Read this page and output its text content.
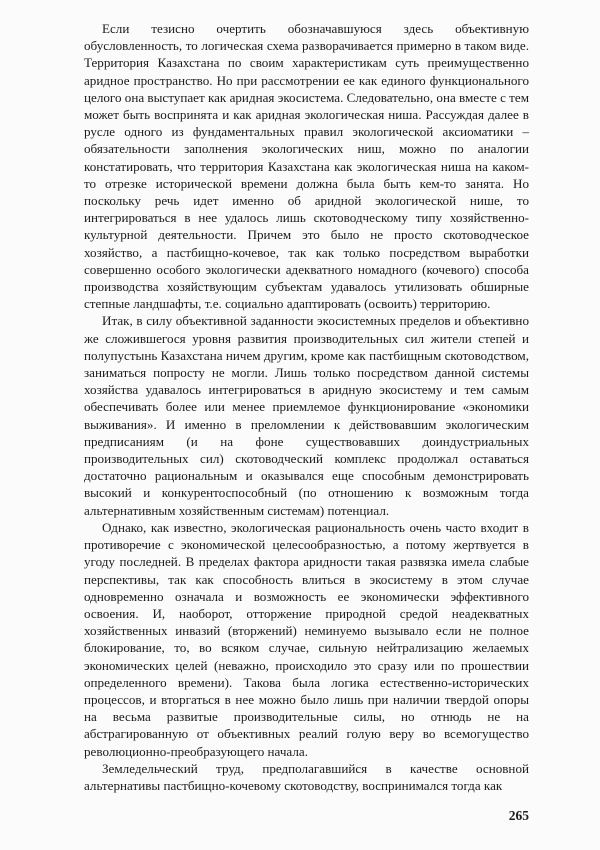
Если тезисно очертить обозначавшуюся здесь объективную обусловленность, то логическая схема разворачивается примерно в таком виде. Территория Казахстана по своим характеристикам суть преимущественно аридное пространство. Но при рассмотрении ее как единого функционального целого она выступает как аридная экосистема. Следовательно, она вместе с тем может быть воспринята и как аридная экологическая ниша. Рассуждая далее в русле одного из фундаментальных правил экологической аксиоматики – обязательности заполнения экологических ниш, можно по аналогии констатировать, что территория Казахстана как экологическая ниша на каком-то отрезке исторической времени должна была быть кем-то занята. Но поскольку речь идет именно об аридной экологической нише, то интегрироваться в нее удалось лишь скотоводческому типу хозяйственно-культурной деятельности. Причем это было не просто скотоводческое хозяйство, а пастбищно-кочевое, так как только посредством выработки совершенно особого экологически адекватного номадного (кочевого) способа производства хозяйствующим субъектам удавалось утилизовать обширные степные ландшафты, т.е. социально адаптировать (освоить) территорию.

Итак, в силу объективной заданности экосистемных пределов и объективно же сложившегося уровня развития производительных сил жители степей и полупустынь Казахстана ничем другим, кроме как пастбищным скотоводством, заниматься попросту не могли. Лишь только посредством данной системы хозяйства удавалось интегрироваться в аридную экосистему и тем самым обеспечивать более или менее приемлемое функционирование «экономики выживания». И именно в преломлении к действовавшим экологическим предписаниям (и на фоне существовавших доиндустриальных производительных сил) скотоводческий комплекс продолжал оставаться достаточно рациональным и оказывался еще способным демонстрировать высокий и конкурентоспособный (по отношению к возможным тогда альтернативным хозяйственным системам) потенциал.

Однако, как известно, экологическая рациональность очень часто входит в противоречие с экономической целесообразностью, а потому жертвуется в угоду последней. В пределах фактора аридности такая развязка имела слабые перспективы, так как способность влиться в экосистему в этом случае одновременно означала и возможность ее экономически эффективного освоения. И, наоборот, отторжение природной средой неадекватных хозяйственных инвазий (вторжений) неминуемо вызывало если не полное блокирование, то, во всяком случае, сильную нейтрализацию желаемых экономических целей (неважно, происходило это сразу или по прошествии определенного времени). Такова была логика естественно-исторических процессов, и вторгаться в нее можно было лишь при наличии твердой опоры на весьма развитые производительные силы, но отнюдь не на абстрагированную от объективных реалий голую веру во всемогущество революционно-преобразующего начала.

Земледельческий труд, предполагавшийся в качестве основной альтернативы пастбищно-кочевому скотоводству, воспринимался тогда как

265
